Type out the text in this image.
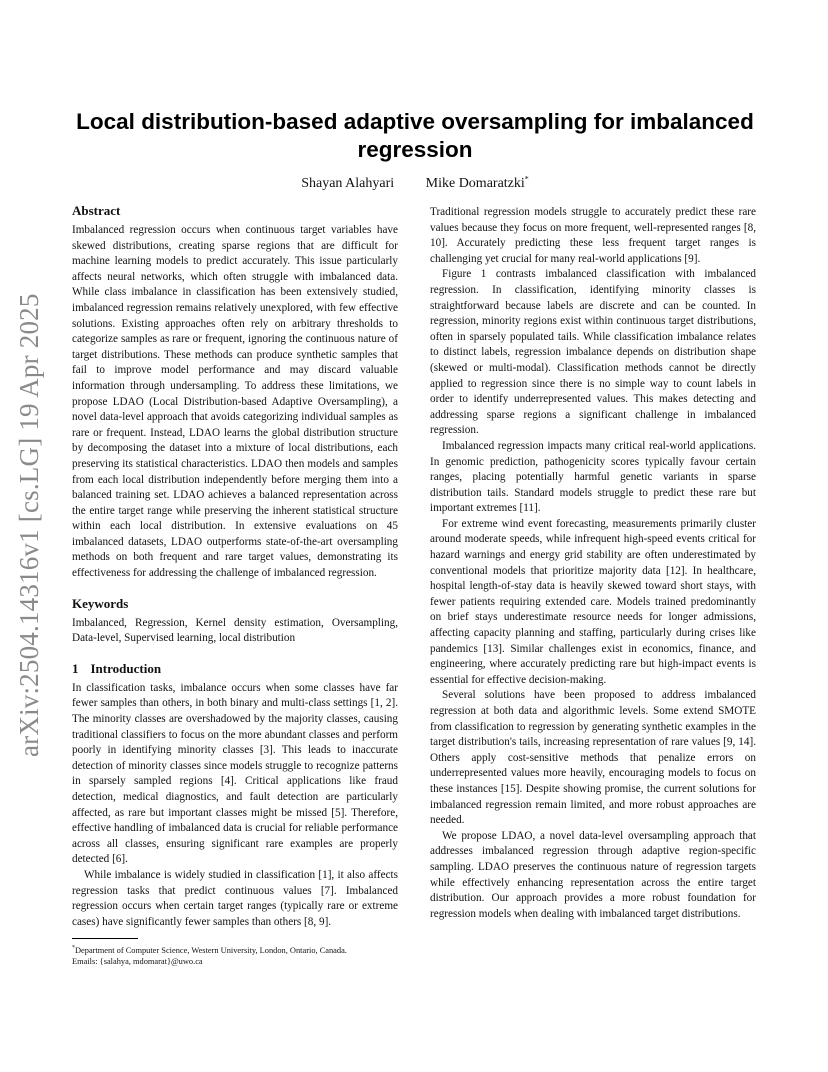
arXiv:2504.14316v1 [cs.LG] 19 Apr 2025
Local distribution-based adaptive oversampling for imbalanced regression
Shayan Alahyari Mike Domaratzki*
Abstract

Imbalanced regression occurs when continuous target variables have skewed distributions, creating sparse regions that are difficult for machine learning models to predict accurately. This issue particularly affects neural networks, which often struggle with imbalanced data. While class imbalance in classification has been extensively studied, imbalanced regression remains relatively unexplored, with few effective solutions. Existing approaches often rely on arbitrary thresholds to categorize samples as rare or frequent, ignoring the continuous nature of target distributions. These methods can produce synthetic samples that fail to improve model performance and may discard valuable information through undersampling. To address these limitations, we propose LDAO (Local Distribution-based Adaptive Oversampling), a novel data-level approach that avoids categorizing individual samples as rare or frequent. Instead, LDAO learns the global distribution structure by decomposing the dataset into a mixture of local distributions, each preserving its statistical characteristics. LDAO then models and samples from each local distribution independently before merging them into a balanced training set. LDAO achieves a balanced representation across the entire target range while preserving the inherent statistical structure within each local distribution. In extensive evaluations on 45 imbalanced datasets, LDAO outperforms state-of-the-art oversampling methods on both frequent and rare target values, demonstrating its effectiveness for addressing the challenge of imbalanced regression.

Keywords

Imbalanced, Regression, Kernel density estimation, Oversampling, Data-level, Supervised learning, local distribution

1 Introduction

In classification tasks, imbalance occurs when some classes have far fewer samples than others, in both binary and multi-class settings [1, 2]. The minority classes are overshadowed by the majority classes, causing traditional classifiers to focus on the more abundant classes and perform poorly in identifying minority classes [3]. This leads to inaccurate detection of minority classes since models struggle to recognize patterns in sparsely sampled regions [4]. Critical applications like fraud detection, medical diagnostics, and fault detection are particularly affected, as rare but important classes might be missed [5]. Therefore, effective handling of imbalanced data is crucial for reliable performance across all classes, ensuring significant rare examples are properly detected [6].

While imbalance is widely studied in classification [1], it also affects regression tasks that predict continuous values [7]. Imbalanced regression occurs when certain target ranges (typically rare or extreme cases) have significantly fewer samples than others [8, 9].

*Department of Computer Science, Western University, London, Ontario, Canada.
Emails: {salahya, mdomarat}@uwo.ca

Traditional regression models struggle to accurately predict these rare values because they focus on more frequent, well-represented ranges [8, 10]. Accurately predicting these less frequent target ranges is challenging yet crucial for many real-world applications [9].

Figure 1 contrasts imbalanced classification with imbalanced regression. In classification, identifying minority classes is straightforward because labels are discrete and can be counted. In regression, minority regions exist within continuous target distributions, often in sparsely populated tails. While classification imbalance relates to distinct labels, regression imbalance depends on distribution shape (skewed or multi-modal). Classification methods cannot be directly applied to regression since there is no simple way to count labels in order to identify underrepresented values. This makes detecting and addressing sparse regions a significant challenge in imbalanced regression.

Imbalanced regression impacts many critical real-world applications. In genomic prediction, pathogenicity scores typically favour certain ranges, placing potentially harmful genetic variants in sparse distribution tails. Standard models struggle to predict these rare but important extremes [11].

For extreme wind event forecasting, measurements primarily cluster around moderate speeds, while infrequent high-speed events critical for hazard warnings and energy grid stability are often underestimated by conventional models that prioritize majority data [12]. In healthcare, hospital length-of-stay data is heavily skewed toward short stays, with fewer patients requiring extended care. Models trained predominantly on brief stays underestimate resource needs for longer admissions, affecting capacity planning and staffing, particularly during crises like pandemics [13]. Similar challenges exist in economics, finance, and engineering, where accurately predicting rare but high-impact events is essential for effective decision-making.

Several solutions have been proposed to address imbalanced regression at both data and algorithmic levels. Some extend SMOTE from classification to regression by generating synthetic examples in the target distribution's tails, increasing representation of rare values [9, 14]. Others apply cost-sensitive methods that penalize errors on underrepresented values more heavily, encouraging models to focus on these instances [15]. Despite showing promise, the current solutions for imbalanced regression remain limited, and more robust approaches are needed.

We propose LDAO, a novel data-level oversampling approach that addresses imbalanced regression through adaptive region-specific sampling. LDAO preserves the continuous nature of regression targets while effectively enhancing representation across the entire target distribution. Our approach provides a more robust foundation for regression models when dealing with imbalanced target distributions.
